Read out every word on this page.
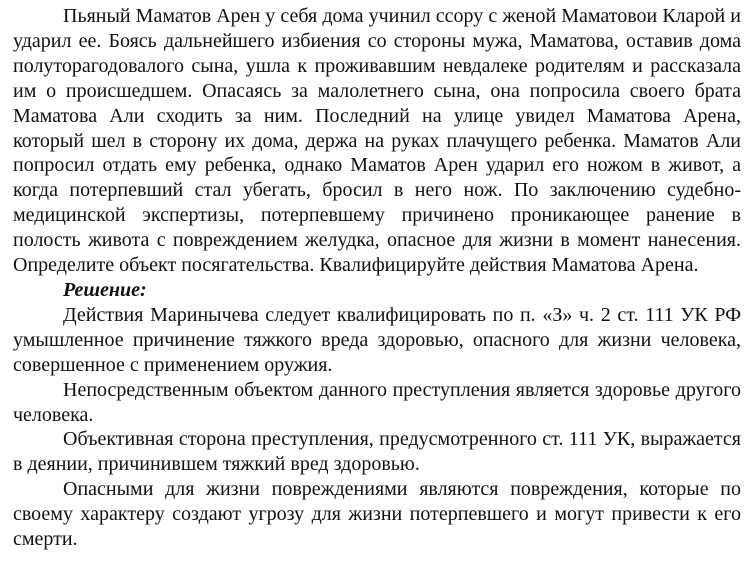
Пьяный Маматов Арен у себя дома учинил ссору с женой Маматовои Кларой и ударил ее. Боясь дальнейшего избиения со стороны мужа, Маматова, оставив дома полуторагодовалого сына, ушла к проживавшим невдалеке родителям и рассказала им о происшедшем. Опасаясь за малолетнего сына, она попросила своего брата Маматова Али сходить за ним. Последний на улице увидел Маматова Арена, который шел в сторону их дома, держа на руках плачущего ребенка. Маматов Али попросил отдать ему ребенка, однако Маматов Арен ударил его ножом в живот, а когда потерпевший стал убегать, бросил в него нож. По заключению судебно-медицинской экспертизы, потерпевшему причинено проникающее ранение в полость живота с повреждением желудка, опасное для жизни в момент нанесения. Определите объект посягательства. Квалифицируйте действия Маматова Арена.

Решение:

Действия Маринычева следует квалифицировать по п. «З» ч. 2 ст. 111 УК РФ умышленное причинение тяжкого вреда здоровью, опасного для жизни человека, совершенное с применением оружия.

Непосредственным объектом данного преступления является здоровье другого человека.

Объективная сторона преступления, предусмотренного ст. 111 УК, выражается в деянии, причинившем тяжкий вред здоровью.

Опасными для жизни повреждениями являются повреждения, которые по своему характеру создают угрозу для жизни потерпевшего и могут привести к его смерти.
